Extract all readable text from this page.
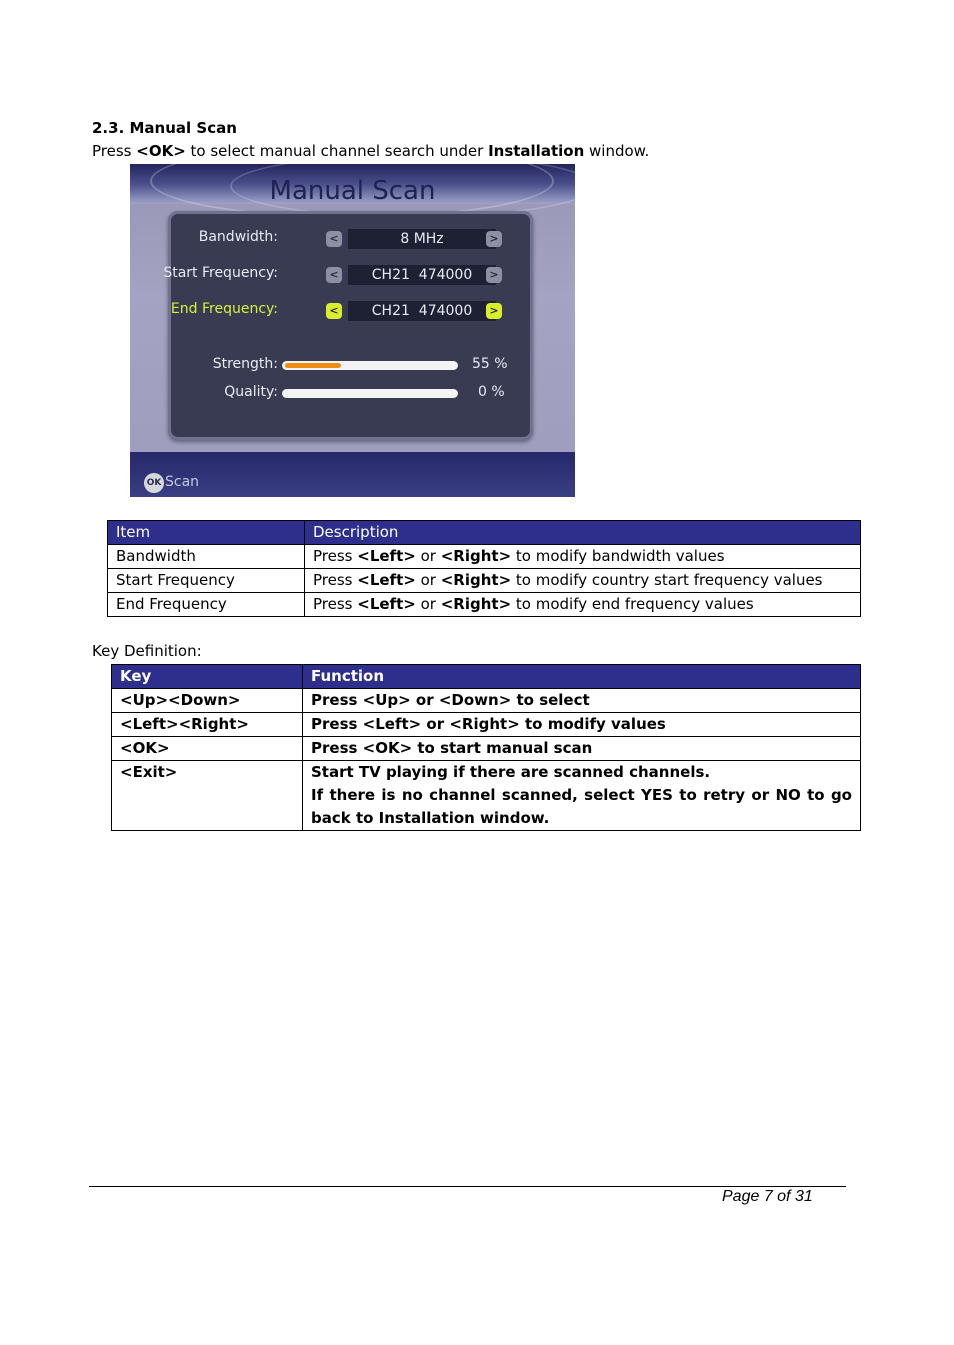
2.3. Manual Scan
Press <OK> to select manual channel search under Installation window.
Manual Scan
Bandwidth:	<	8 MHz	>
Start Frequency:	<	CH21  474000	>
End Frequency:	<	CH21  474000	>
Strength:	55 %
Quality:	0 %
OK Scan
Item	Description
Bandwidth	Press <Left> or <Right> to modify bandwidth values
Start Frequency	Press <Left> or <Right> to modify country start frequency values
End Frequency	Press <Left> or <Right> to modify end frequency values
Key Definition:
Key	Function
<Up><Down>	Press <Up> or <Down> to select
<Left><Right>	Press <Left> or <Right> to modify values
<OK>	Press <OK> to start manual scan
<Exit>	Start TV playing if there are scanned channels.
If there is no channel scanned, select YES to retry or NO to go back to Installation window.
Page 7 of 31
